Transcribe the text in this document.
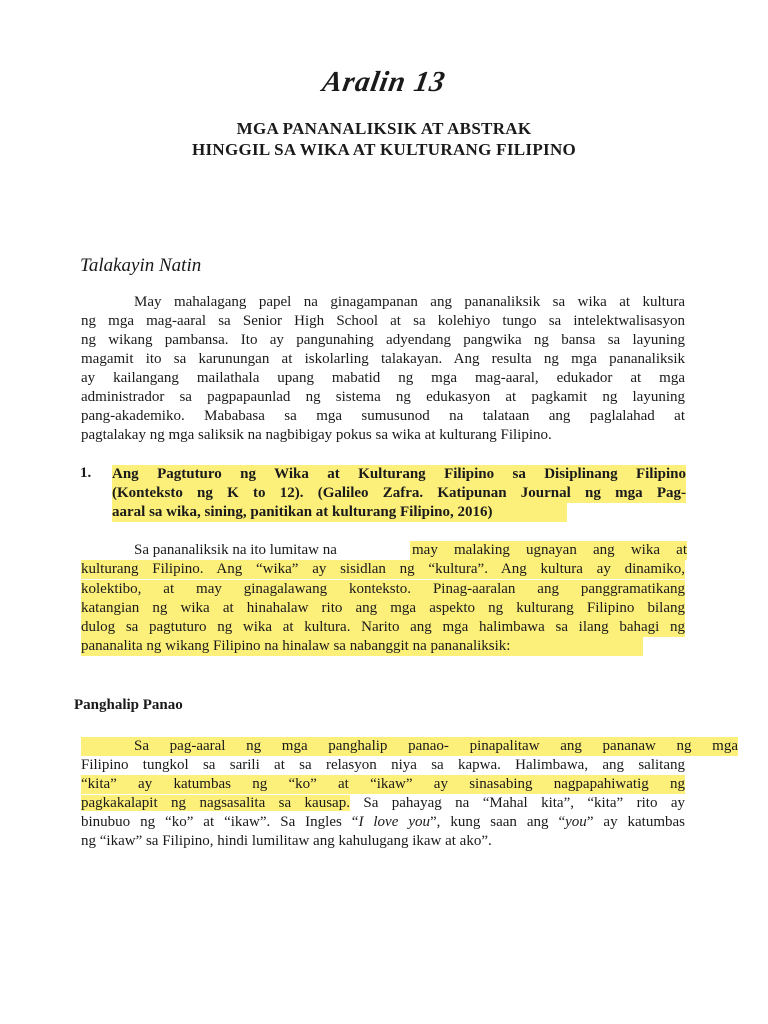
Aralin 13
MGA PANANALIKSIK AT ABSTRAK
HINGGIL SA WIKA AT KULTURANG FILIPINO
Talakayin Natin
May mahalagang papel na ginagampanan ang pananaliksik sa wika at kultura
ng mga mag-aaral sa Senior High School at sa kolehiyo tungo sa intelektwalisasyon
ng wikang pambansa. Ito ay pangunahing adyendang pangwika ng bansa sa layuning
magamit ito sa karunungan at iskolarling talakayan. Ang resulta ng mga pananaliksik
ay kailangang mailathala upang mabatid ng mga mag-aaral, edukador at mga
administrador sa pagpapaunlad ng sistema ng edukasyon at pagkamit ng layuning
pang-akademiko. Mababasa sa mga sumusunod na talataan ang paglalahad at
pagtalakay ng mga saliksik na nagbibigay pokus sa wika at kulturang Filipino.
1. Ang Pagtuturo ng Wika at Kulturang Filipino sa Disiplinang Filipino
(Konteksto ng K to 12). (Galileo Zafra. Katipunan Journal ng mga Pag-
aaral sa wika, sining, panitikan at kulturang Filipino, 2016)
Sa pananaliksik na ito lumitaw na	may malaking ugnayan ang wika at
kulturang Filipino. Ang “wika” ay sisidlan ng “kultura”. Ang kultura ay dinamiko,
kolektibo, at may ginagalawang konteksto. Pinag-aaralan ang panggramatikang
katangian ng wika at hinahalaw rito ang mga aspekto ng kulturang Filipino bilang
dulog sa pagtuturo ng wika at kultura. Narito ang mga halimbawa sa ilang bahagi ng
pananalita ng wikang Filipino na hinalaw sa nabanggit na pananaliksik:
Panghalip Panao
Sa pag-aaral ng mga panghalip panao- pinapalitaw ang pananaw ng mga
Filipino tungkol sa sarili at sa relasyon niya sa kapwa. Halimbawa, ang salitang
“kita” ay katumbas ng “ko” at “ikaw” ay sinasabing nagpapahiwatig ng
pagkakalapit ng nagsasalita sa kausap. Sa pahayag na “Mahal kita”, “kita” rito ay
binubuo ng “ko” at “ikaw”. Sa Ingles “I love you”, kung saan ang “you” ay katumbas
ng “ikaw” sa Filipino, hindi lumilitaw ang kahulugang ikaw at ako”.
